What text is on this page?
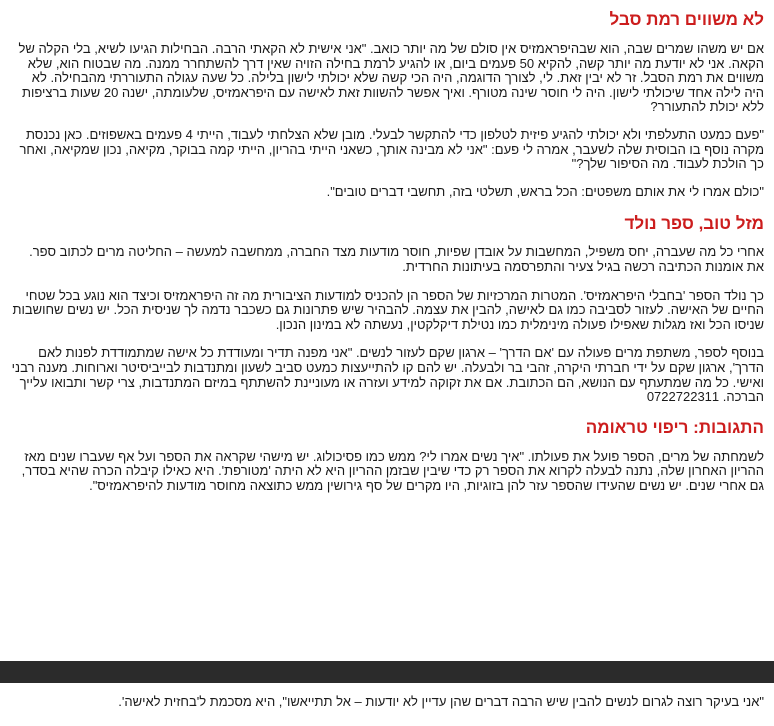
לא משווים רמת סבל

אם יש משהו שמרים שבה, הוא שבהיפראמזיס אין סולם של מה יותר כואב. "אני אישית לא הקאתי הרבה. הבחילות הגיעו לשיא, בלי הקלה של הקאה. אני לא יודעת מה יותר קשה, להקיא 50 פעמים ביום, או להגיע לרמת בחילה הזויה שאין דרך להשתחרר ממנה. מה שבטוח הוא, שלא משווים את רמת הסבל. זר לא יבין זאת. לי, לצורך הדוגמה, היה הכי קשה שלא יכולתי לישון בלילה. כל שעה עגולה התעוררתי מהבחילה. לא היה לילה אחד שיכולתי לישון. היה לי חוסר שינה מטורף. ואיך אפשר להשוות זאת לאישה עם היפראמזיס, שלעומתה, ישנה 20 שעות ברציפות ללא יכולת להתעורר?

"פעם כמעט התעלפתי ולא יכולתי להגיע פיזית לטלפון כדי להתקשר לבעלי. מובן שלא הצלחתי לעבוד, הייתי 4 פעמים באשפוזים. כאן נכנסת מקרה נוסף בו הבוסית שלה לשעבר, אמרה לי פעם: "אני לא מבינה אותך, כשאני הייתי בהריון, הייתי קמה בבוקר, מקיאה, נכון שמקיאה, ואחר כך הולכת לעבוד. מה הסיפור שלך?"

"כולם אמרו לי את אותם משפטים: הכל בראש, תשלטי בזה, תחשבי דברים טובים".

מזל טוב, ספר נולד

אחרי כל מה שעברה, יחס משפיל, המחשבות על אובדן שפיות, חוסר מודעות מצד החברה, ממחשבה למעשה – החליטה מרים לכתוב ספר. את אומנות הכתיבה רכשה בגיל צעיר והתפרסמה בעיתונות החרדית.

כך נולד הספר 'בחבלי היפראמזיס'. המטרות המרכזיות של הספר הן להכניס למודעות הציבורית מה זה היפראמזיס וכיצד הוא נוגע בכל שטחי החיים של האישה. לעזור לסביבה כמו גם לאישה, להבין את עצמה. להבהיר שיש פתרונות גם כשכבר נדמה לך שניסית הכל. יש נשים שחושבות שניסו הכל ואז מגלות שאפילו פעולה מינימלית כמו נטילת דיקלקטין, נעשתה לא במינון הנכון.

בנוסף לספר, משתפת מרים פעולה עם 'אם הדרך' – ארגון שקם לעזור לנשים. "אני מפנה תדיר ומעודדת כל אישה שמתמודדת לפנות לאם הדרך', ארגון שקם על ידי חברתי היקרה, זהבי בר ולבעלה. יש להם קו להתייעצות כמעט סביב לשעון ומתנדבות לבייביסיטר וארוחות. מענה רבני ואישי. כל מה שמתעתף עם הנושא, הם הכתובת. אם את זקוקה למידע ועזרה או מעוניינת להשתתף במיזם המתנדבות, צרי קשר ותבואו עלייך הברכה. 0722722311

התגובות: ריפוי טראומה

לשמחתה של מרים, הספר פועל את פעולתו. "איך נשים אמרו לי? ממש כמו פסיכולוג. יש מישהי שקראה את הספר ועל אף שעברו שנים מאז ההריון האחרון שלה, נתנה לבעלה לקרוא את הספר רק כדי שיבין שבזמן ההריון היא לא היתה 'מטורפת'. היא כאילו קיבלה הכרה שהיא בסדר, גם אחרי שנים. יש נשים שהעידו שהספר עזר להן בזוגיות, היו מקרים של סף גירושין ממש כתוצאה מחוסר מודעות להיפראמזיס".

"אני בעיקר רוצה לגרום לנשים להבין שיש הרבה דברים שהן עדיין לא יודעות – אל תתייאשו", היא מסכמת ל'בחזית לאישה'.
